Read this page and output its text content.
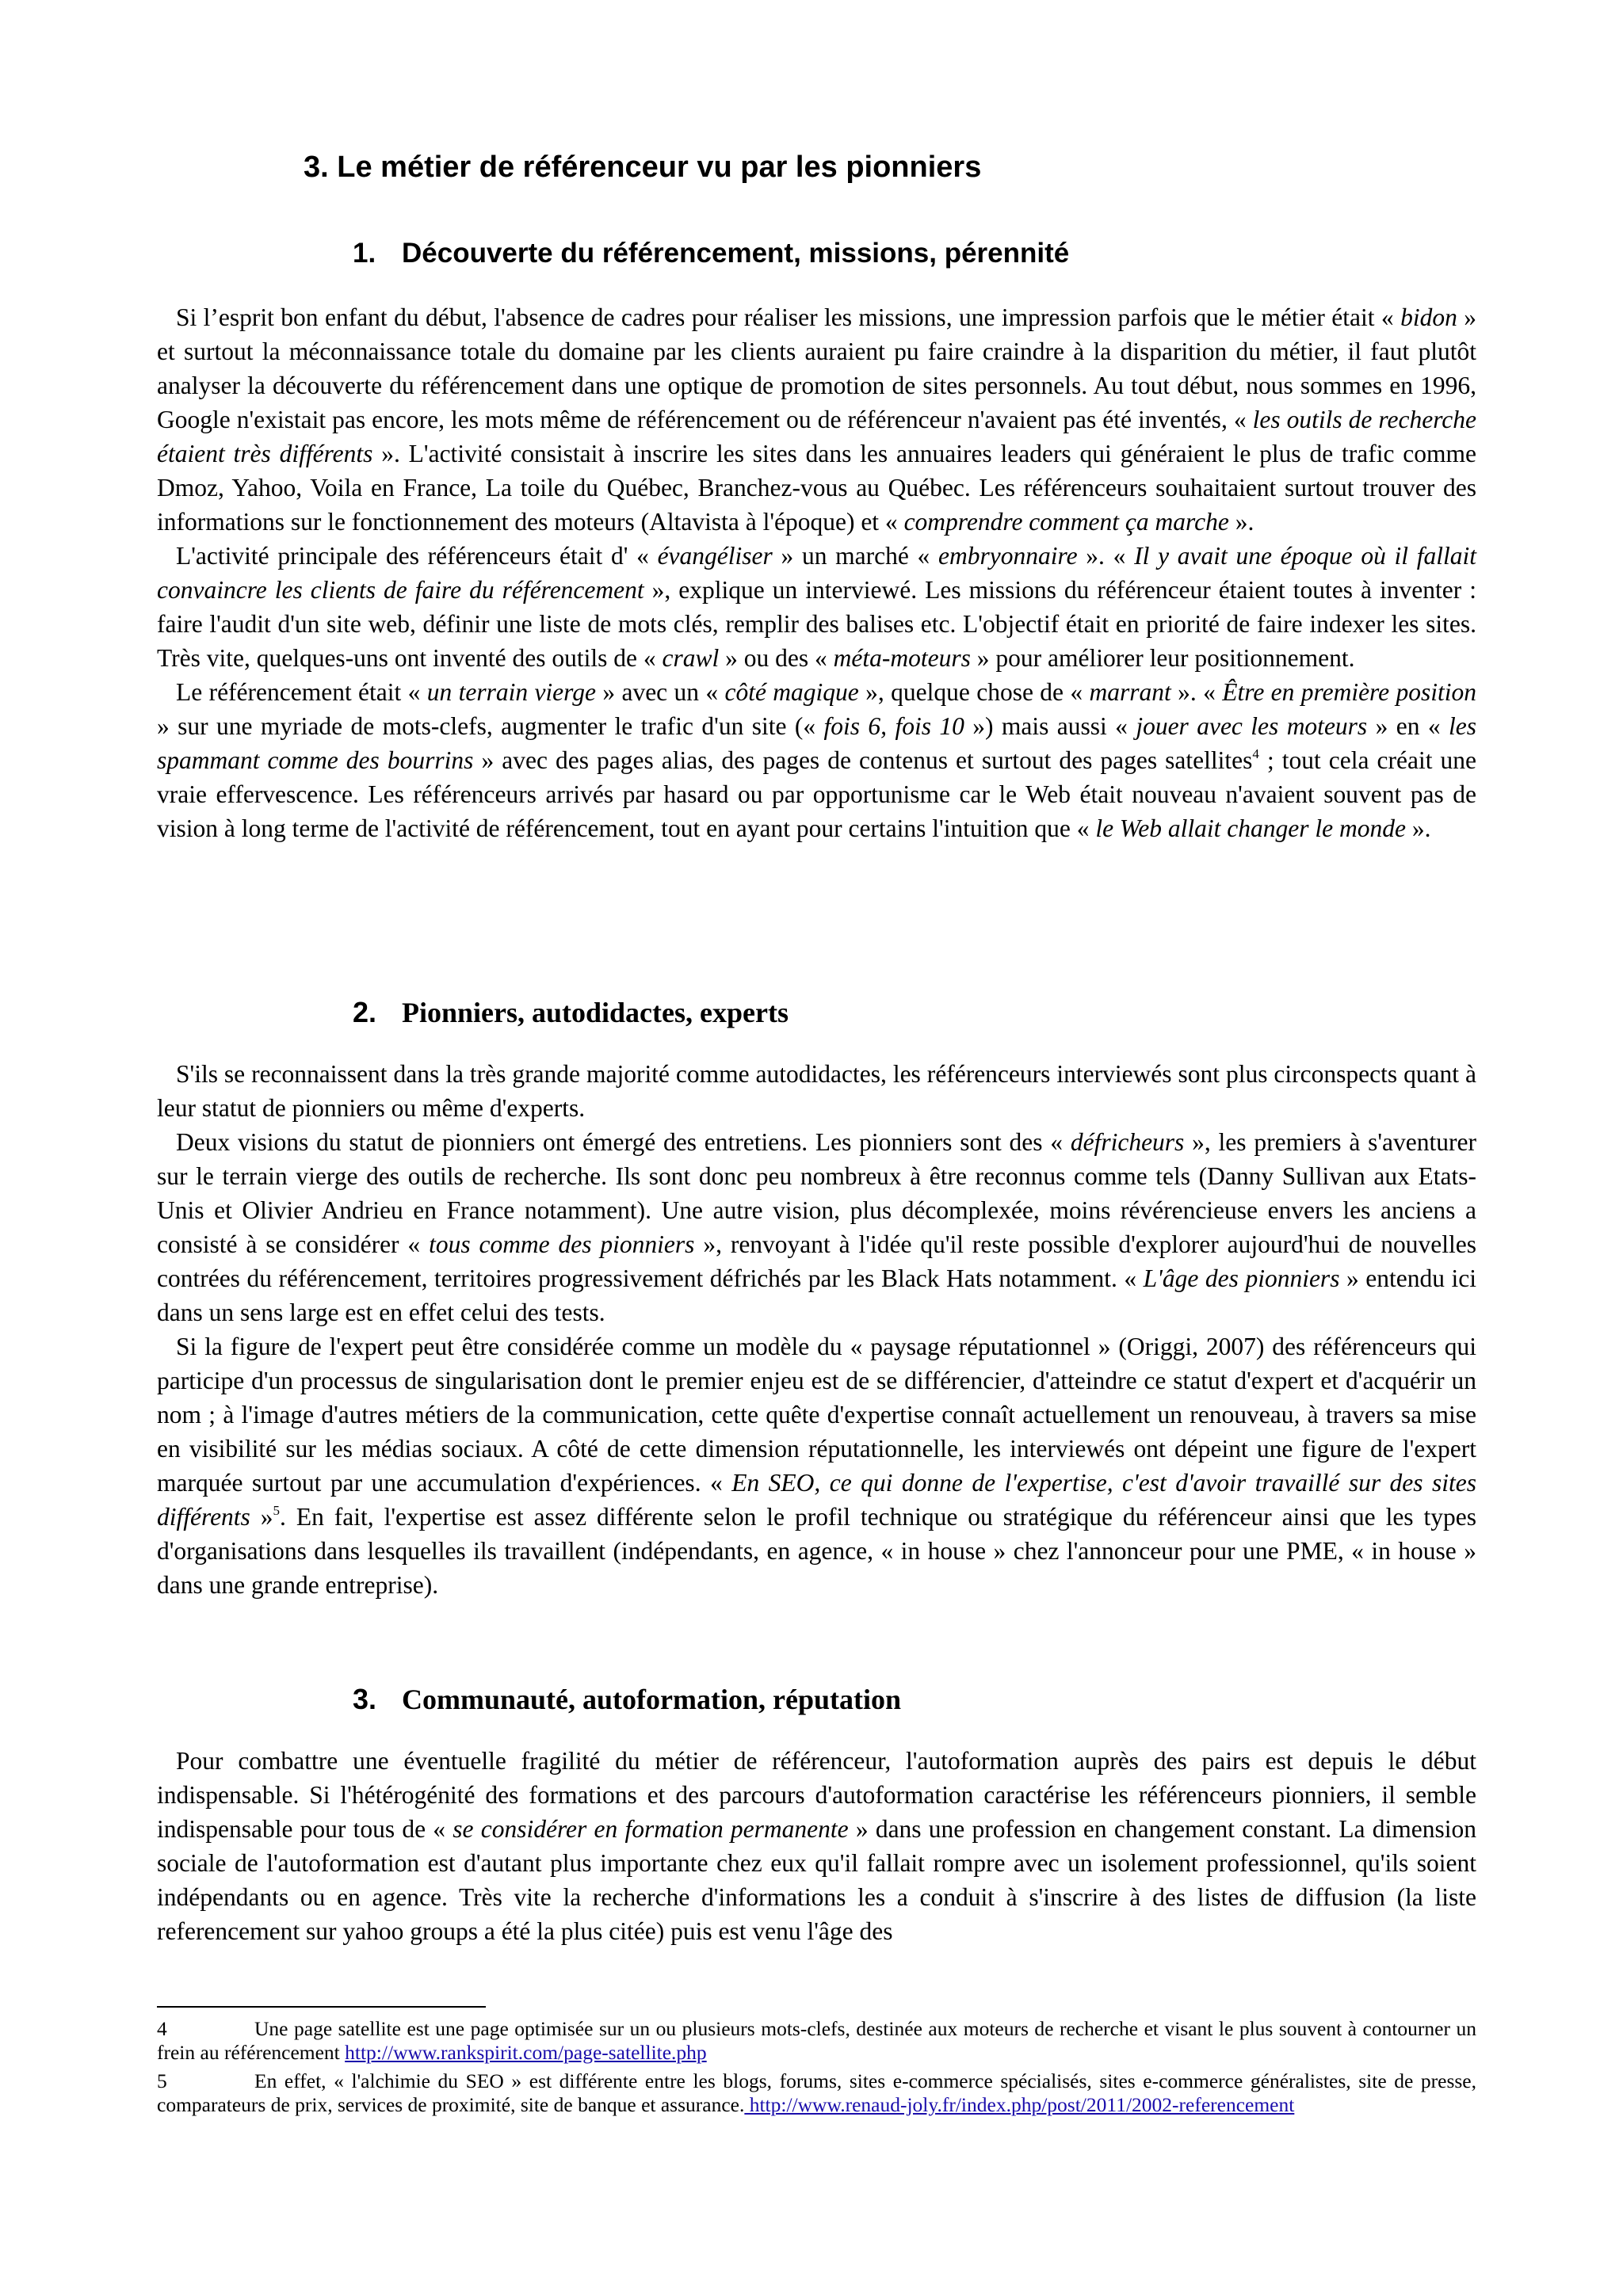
3. Le métier de référenceur vu par les pionniers
1. Découverte du référencement, missions, pérennité

Si l’esprit bon enfant du début, l'absence de cadres pour réaliser les missions, une impression parfois que le métier était « bidon » et surtout la méconnaissance totale du domaine par les clients auraient pu faire craindre à la disparition du métier, il faut plutôt analyser la découverte du référencement dans une optique de promotion de sites personnels. Au tout début, nous sommes en 1996, Google n'existait pas encore, les mots même de référencement ou de référenceur n'avaient pas été inventés, « les outils de recherche étaient très différents ». L'activité consistait à inscrire les sites dans les annuaires leaders qui généraient le plus de trafic comme Dmoz, Yahoo, Voila en France, La toile du Québec, Branchez-vous au Québec. Les référenceurs souhaitaient surtout trouver des informations sur le fonctionnement des moteurs (Altavista à l'époque) et « comprendre comment ça marche ».

L'activité principale des référenceurs était d' « évangéliser » un marché « embryonnaire ». « Il y avait une époque où il fallait convaincre les clients de faire du référencement », explique un interviewé. Les missions du référenceur étaient toutes à inventer : faire l'audit d'un site web, définir une liste de mots clés, remplir des balises etc. L'objectif était en priorité de faire indexer les sites. Très vite, quelques-uns ont inventé des outils de « crawl » ou des « méta-moteurs » pour améliorer leur positionnement.

Le référencement était « un terrain vierge » avec un « côté magique », quelque chose de « marrant ». « Être en première position » sur une myriade de mots-clefs, augmenter le trafic d'un site (« fois 6, fois 10 ») mais aussi « jouer avec les moteurs » en « les spammant comme des bourrins » avec des pages alias, des pages de contenus et surtout des pages satellites$^4$ ; tout cela créait une vraie effervescence. Les référenceurs arrivés par hasard ou par opportunisme car le Web était nouveau n'avaient souvent pas de vision à long terme de l'activité de référencement, tout en ayant pour certains l'intuition que « le Web allait changer le monde ».

2. Pionniers, autodidactes, experts

S'ils se reconnaissent dans la très grande majorité comme autodidactes, les référenceurs interviewés sont plus circonspects quant à leur statut de pionniers ou même d'experts.

Deux visions du statut de pionniers ont émergé des entretiens. Les pionniers sont des « défricheurs », les premiers à s'aventurer sur le terrain vierge des outils de recherche. Ils sont donc peu nombreux à être reconnus comme tels (Danny Sullivan aux Etats-Unis et Olivier Andrieu en France notamment). Une autre vision, plus décomplexée, moins révérencieuse envers les anciens a consisté à se considérer « tous comme des pionniers », renvoyant à l'idée qu'il reste possible d'explorer aujourd'hui de nouvelles contrées du référencement, territoires progressivement défrichés par les Black Hats notamment. « L'âge des pionniers » entendu ici dans un sens large est en effet celui des tests.

Si la figure de l'expert peut être considérée comme un modèle du « paysage réputationnel » (Origgi, 2007) des référenceurs qui participe d'un processus de singularisation dont le premier enjeu est de se différencier, d'atteindre ce statut d'expert et d'acquérir un nom ; à l'image d'autres métiers de la communication, cette quête d'expertise connaît actuellement un renouveau, à travers sa mise en visibilité sur les médias sociaux. A côté de cette dimension réputationnelle, les interviewés ont dépeint une figure de l'expert marquée surtout par une accumulation d'expériences. « En SEO, ce qui donne de l'expertise, c'est d'avoir travaillé sur des sites différents »$^5$. En fait, l'expertise est assez différente selon le profil technique ou stratégique du référenceur ainsi que les types d'organisations dans lesquelles ils travaillent (indépendants, en agence, « in house » chez l'annonceur pour une PME, « in house » dans une grande entreprise).

3. Communauté, autoformation, réputation

Pour combattre une éventuelle fragilité du métier de référenceur, l'autoformation auprès des pairs est depuis le début indispensable. Si l'hétérogénité des formations et des parcours d'autoformation caractérise les référenceurs pionniers, il semble indispensable pour tous de « se considérer en formation permanente » dans une profession en changement constant. La dimension sociale de l'autoformation est d'autant plus importante chez eux qu'il fallait rompre avec un isolement professionnel, qu'ils soient indépendants ou en agence. Très vite la recherche d'informations les a conduit à s'inscrire à des listes de diffusion (la liste referencement sur yahoo groups a été la plus citée) puis est venu l'âge des

4	Une page satellite est une page optimisée sur un ou plusieurs mots-clefs, destinée aux moteurs de recherche et visant le plus souvent à contourner un frein au référencement http://www.rankspirit.com/page-satellite.php

5	En effet, « l'alchimie du SEO » est différente entre les blogs, forums, sites e-commerce spécialisés, sites e-commerce généralistes, site de presse, comparateurs de prix, services de proximité, site de banque et assurance. http://www.renaud-joly.fr/index.php/post/2011/2002-referencement
